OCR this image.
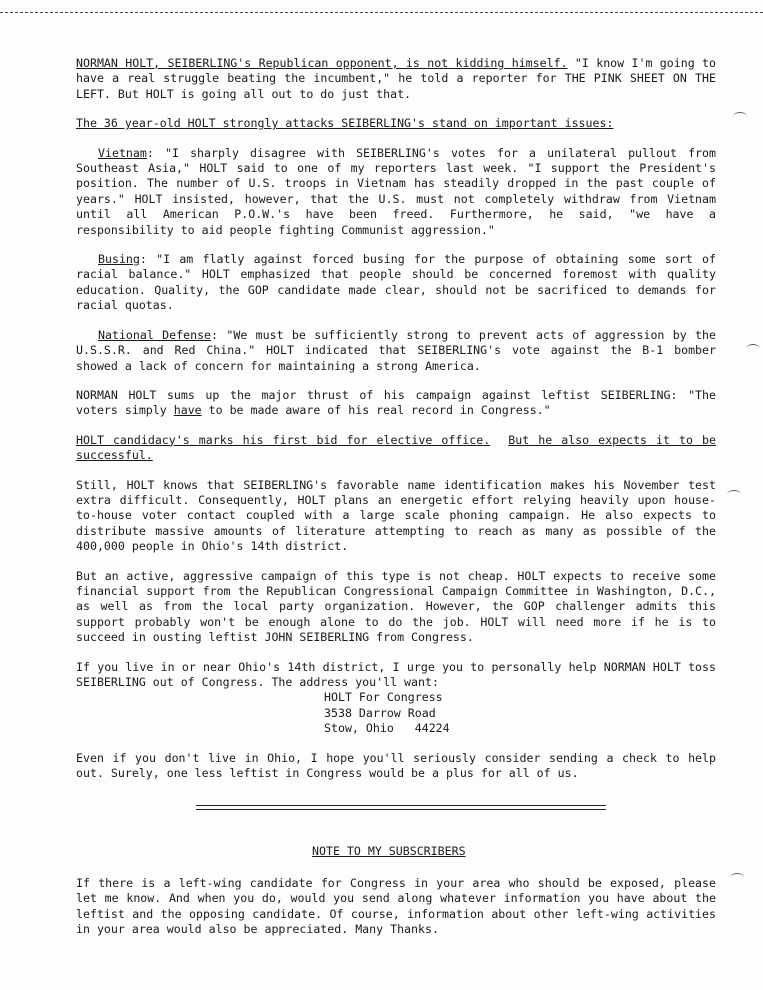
NORMAN HOLT, SEIBERLING's Republican opponent, is not kidding himself. "I know I'm going to have a real struggle beating the incumbent," he told a reporter for THE PINK SHEET ON THE LEFT. But HOLT is going all out to do just that.

The 36 year-old HOLT strongly attacks SEIBERLING's stand on important issues:

Vietnam: "I sharply disagree with SEIBERLING's votes for a unilateral pullout from Southeast Asia," HOLT said to one of my reporters last week. "I support the President's position. The number of U.S. troops in Vietnam has steadily dropped in the past couple of years." HOLT insisted, however, that the U.S. must not completely withdraw from Vietnam until all American P.O.W.'s have been freed. Furthermore, he said, "we have a responsibility to aid people fighting Communist aggression."

Busing: "I am flatly against forced busing for the purpose of obtaining some sort of racial balance." HOLT emphasized that people should be concerned foremost with quality education. Quality, the GOP candidate made clear, should not be sacrificed to demands for racial quotas.

National Defense: "We must be sufficiently strong to prevent acts of aggression by the U.S.S.R. and Red China." HOLT indicated that SEIBERLING's vote against the B-1 bomber showed a lack of concern for maintaining a strong America.

NORMAN HOLT sums up the major thrust of his campaign against leftist SEIBERLING: "The voters simply have to be made aware of his real record in Congress."

HOLT candidacy's marks his first bid for elective office. But he also expects it to be successful.

Still, HOLT knows that SEIBERLING's favorable name identification makes his November test extra difficult. Consequently, HOLT plans an energetic effort relying heavily upon house-to-house voter contact coupled with a large scale phoning campaign. He also expects to distribute massive amounts of literature attempting to reach as many as possible of the 400,000 people in Ohio's 14th district.

But an active, aggressive campaign of this type is not cheap. HOLT expects to receive some financial support from the Republican Congressional Campaign Committee in Washington, D.C., as well as from the local party organization. However, the GOP challenger admits this support probably won't be enough alone to do the job. HOLT will need more if he is to succeed in ousting leftist JOHN SEIBERLING from Congress.

If you live in or near Ohio's 14th district, I urge you to personally help NORMAN HOLT toss SEIBERLING out of Congress. The address you'll want:

HOLT For Congress
3538 Darrow Road
Stow, Ohio   44224

Even if you don't live in Ohio, I hope you'll seriously consider sending a check to help out. Surely, one less leftist in Congress would be a plus for all of us.

NOTE TO MY SUBSCRIBERS

If there is a left-wing candidate for Congress in your area who should be exposed, please let me know. And when you do, would you send along whatever information you have about the leftist and the opposing candidate. Of course, information about other left-wing activities in your area would also be appreciated. Many Thanks.
